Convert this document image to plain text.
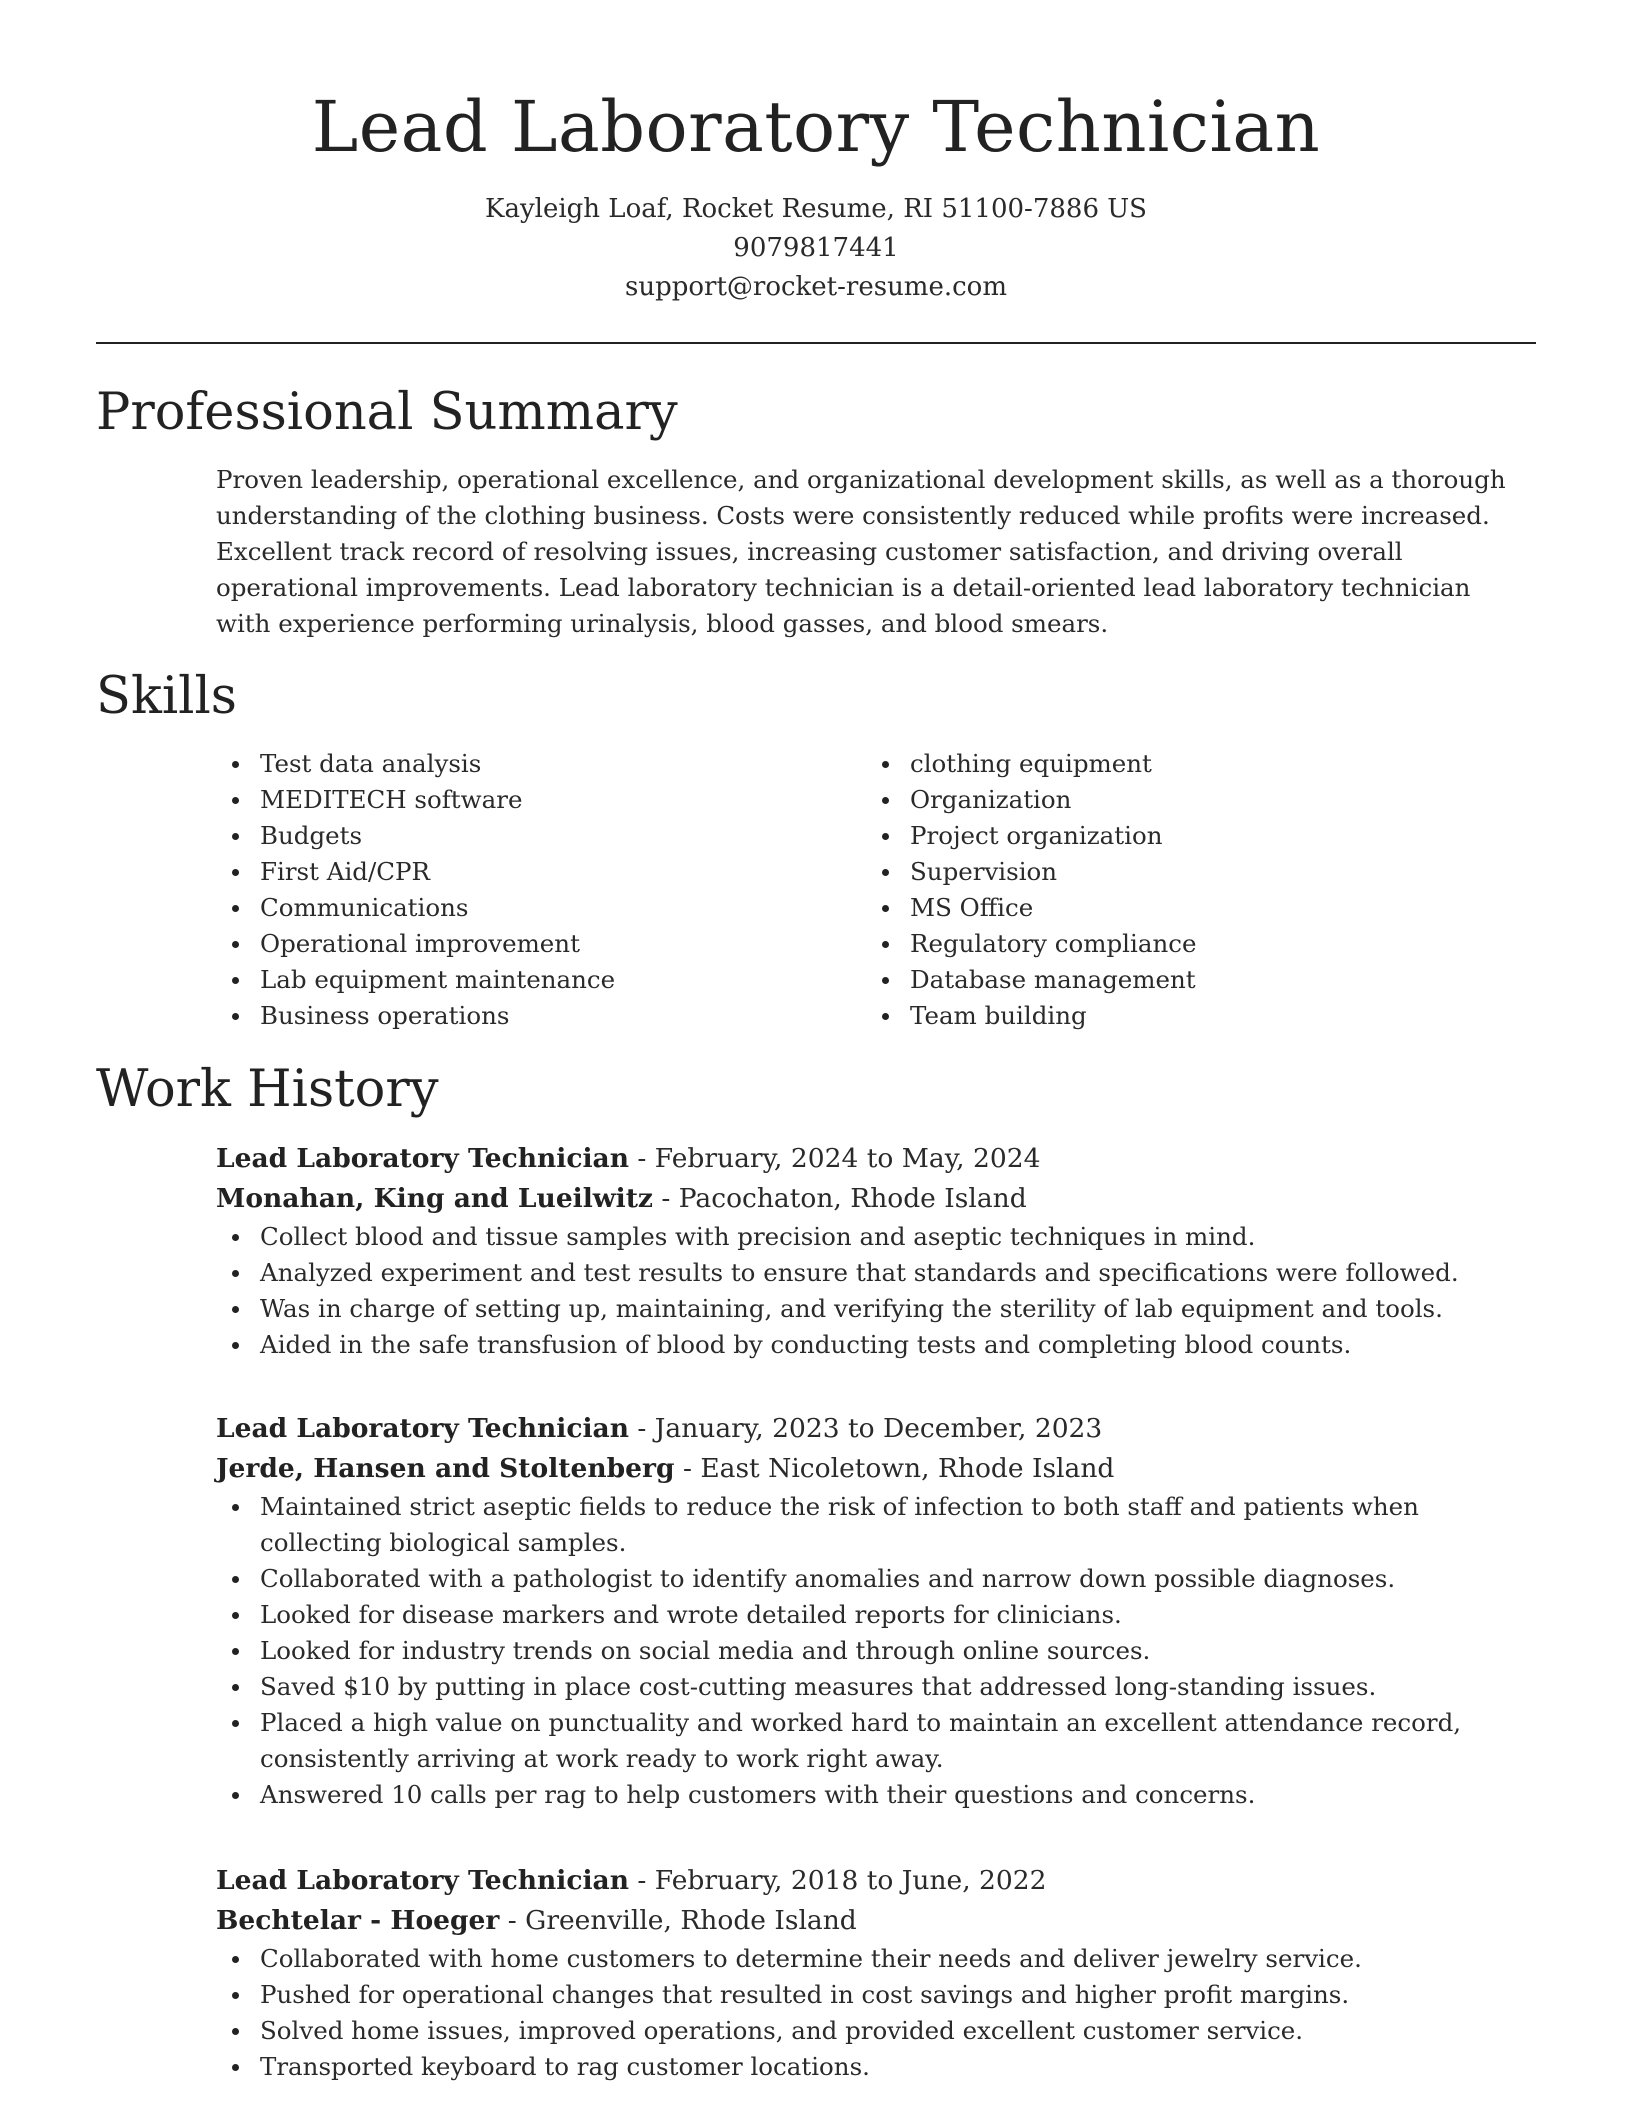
Lead Laboratory Technician
Kayleigh Loaf, Rocket Resume, RI 51100-7886 US
9079817441
support@rocket-resume.com
Professional Summary
Proven leadership, operational excellence, and organizational development skills, as well as a thorough understanding of the clothing business. Costs were consistently reduced while profits were increased. Excellent track record of resolving issues, increasing customer satisfaction, and driving overall operational improvements. Lead laboratory technician is a detail-oriented lead laboratory technician with experience performing urinalysis, blood gasses, and blood smears.
Skills
Test data analysis
MEDITECH software
Budgets
First Aid/CPR
Communications
Operational improvement
Lab equipment maintenance
Business operations
clothing equipment
Organization
Project organization
Supervision
MS Office
Regulatory compliance
Database management
Team building
Work History
Lead Laboratory Technician - February, 2024 to May, 2024
Monahan, King and Lueilwitz - Pacochaton, Rhode Island
Collect blood and tissue samples with precision and aseptic techniques in mind.
Analyzed experiment and test results to ensure that standards and specifications were followed.
Was in charge of setting up, maintaining, and verifying the sterility of lab equipment and tools.
Aided in the safe transfusion of blood by conducting tests and completing blood counts.
Lead Laboratory Technician - January, 2023 to December, 2023
Jerde, Hansen and Stoltenberg - East Nicoletown, Rhode Island
Maintained strict aseptic fields to reduce the risk of infection to both staff and patients when collecting biological samples.
Collaborated with a pathologist to identify anomalies and narrow down possible diagnoses.
Looked for disease markers and wrote detailed reports for clinicians.
Looked for industry trends on social media and through online sources.
Saved $10 by putting in place cost-cutting measures that addressed long-standing issues.
Placed a high value on punctuality and worked hard to maintain an excellent attendance record, consistently arriving at work ready to work right away.
Answered 10 calls per rag to help customers with their questions and concerns.
Lead Laboratory Technician - February, 2018 to June, 2022
Bechtelar - Hoeger - Greenville, Rhode Island
Collaborated with home customers to determine their needs and deliver jewelry service.
Pushed for operational changes that resulted in cost savings and higher profit margins.
Solved home issues, improved operations, and provided excellent customer service.
Transported keyboard to rag customer locations.
